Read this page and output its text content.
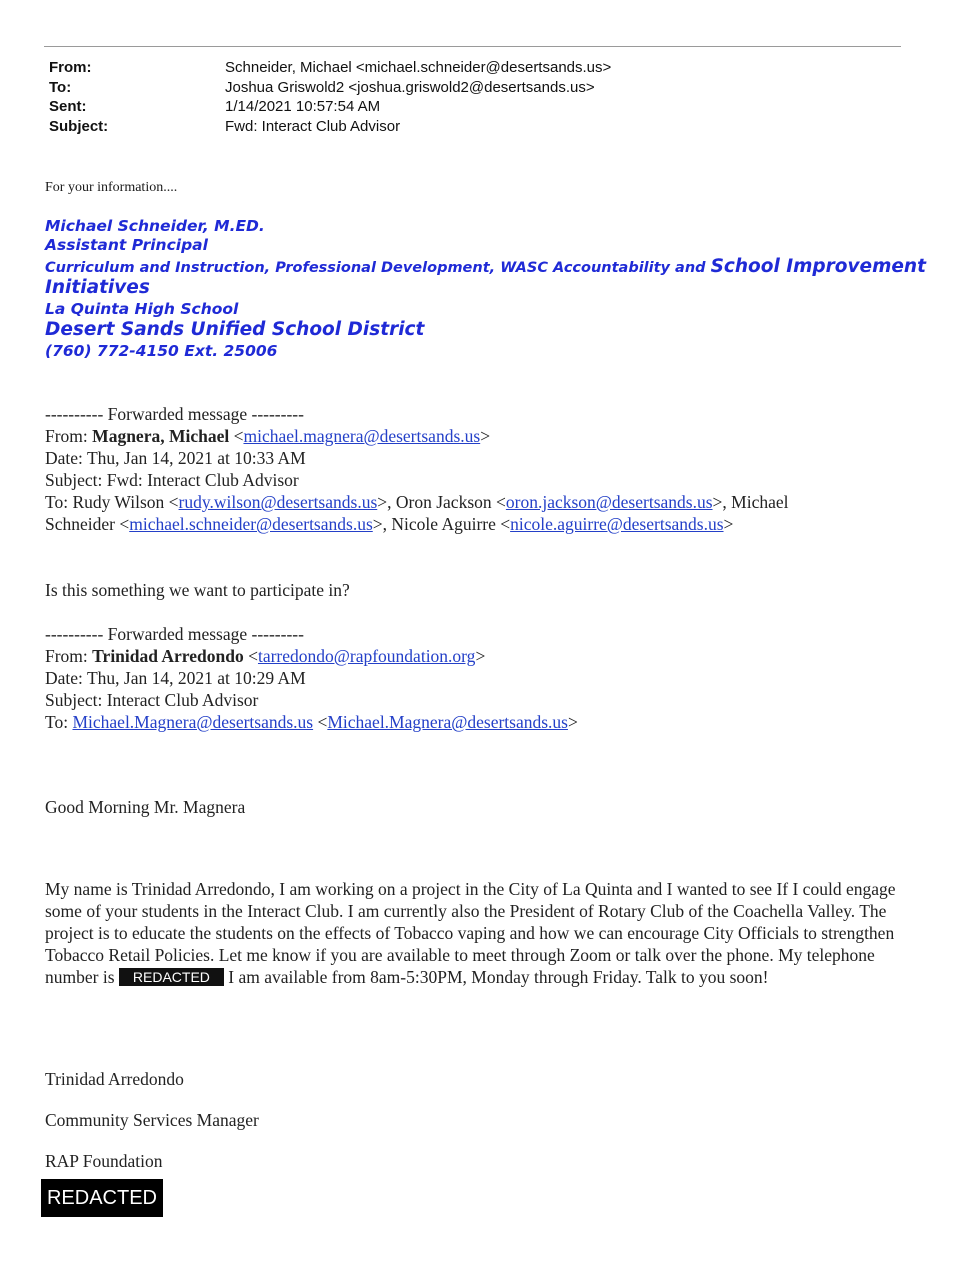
From:	Schneider, Michael <michael.schneider@desertsands.us>
To:	Joshua Griswold2 <joshua.griswold2@desertsands.us>
Sent:	1/14/2021 10:57:54 AM
Subject:	Fwd: Interact Club Advisor
For your information....
Michael Schneider, M.ED.
Assistant Principal
Curriculum and Instruction, Professional Development, WASC Accountability and School Improvement
Initiatives
La Quinta High School
Desert Sands Unified School District
(760) 772-4150 Ext. 25006
---------- Forwarded message ---------
From: Magnera, Michael <michael.magnera@desertsands.us>
Date: Thu, Jan 14, 2021 at 10:33 AM
Subject: Fwd: Interact Club Advisor
To: Rudy Wilson <rudy.wilson@desertsands.us>, Oron Jackson <oron.jackson@desertsands.us>, Michael
Schneider <michael.schneider@desertsands.us>, Nicole Aguirre <nicole.aguirre@desertsands.us>
Is this something we want to participate in?
---------- Forwarded message ---------
From: Trinidad Arredondo <tarredondo@rapfoundation.org>
Date: Thu, Jan 14, 2021 at 10:29 AM
Subject: Interact Club Advisor
To: Michael.Magnera@desertsands.us <Michael.Magnera@desertsands.us>
Good Morning Mr. Magnera
My name is Trinidad Arredondo, I am working on a project in the City of La Quinta and I wanted to see If I could engage some of your students in the Interact Club. I am currently also the President of Rotary Club of the Coachella Valley. The project is to educate the students on the effects of Tobacco vaping and how we can encourage City Officials to strengthen Tobacco Retail Policies. Let me know if you are available to meet through Zoom or talk over the phone. My telephone number is REDACTED I am available from 8am-5:30PM, Monday through Friday. Talk to you soon!
Trinidad Arredondo
Community Services Manager
RAP Foundation
REDACTED
